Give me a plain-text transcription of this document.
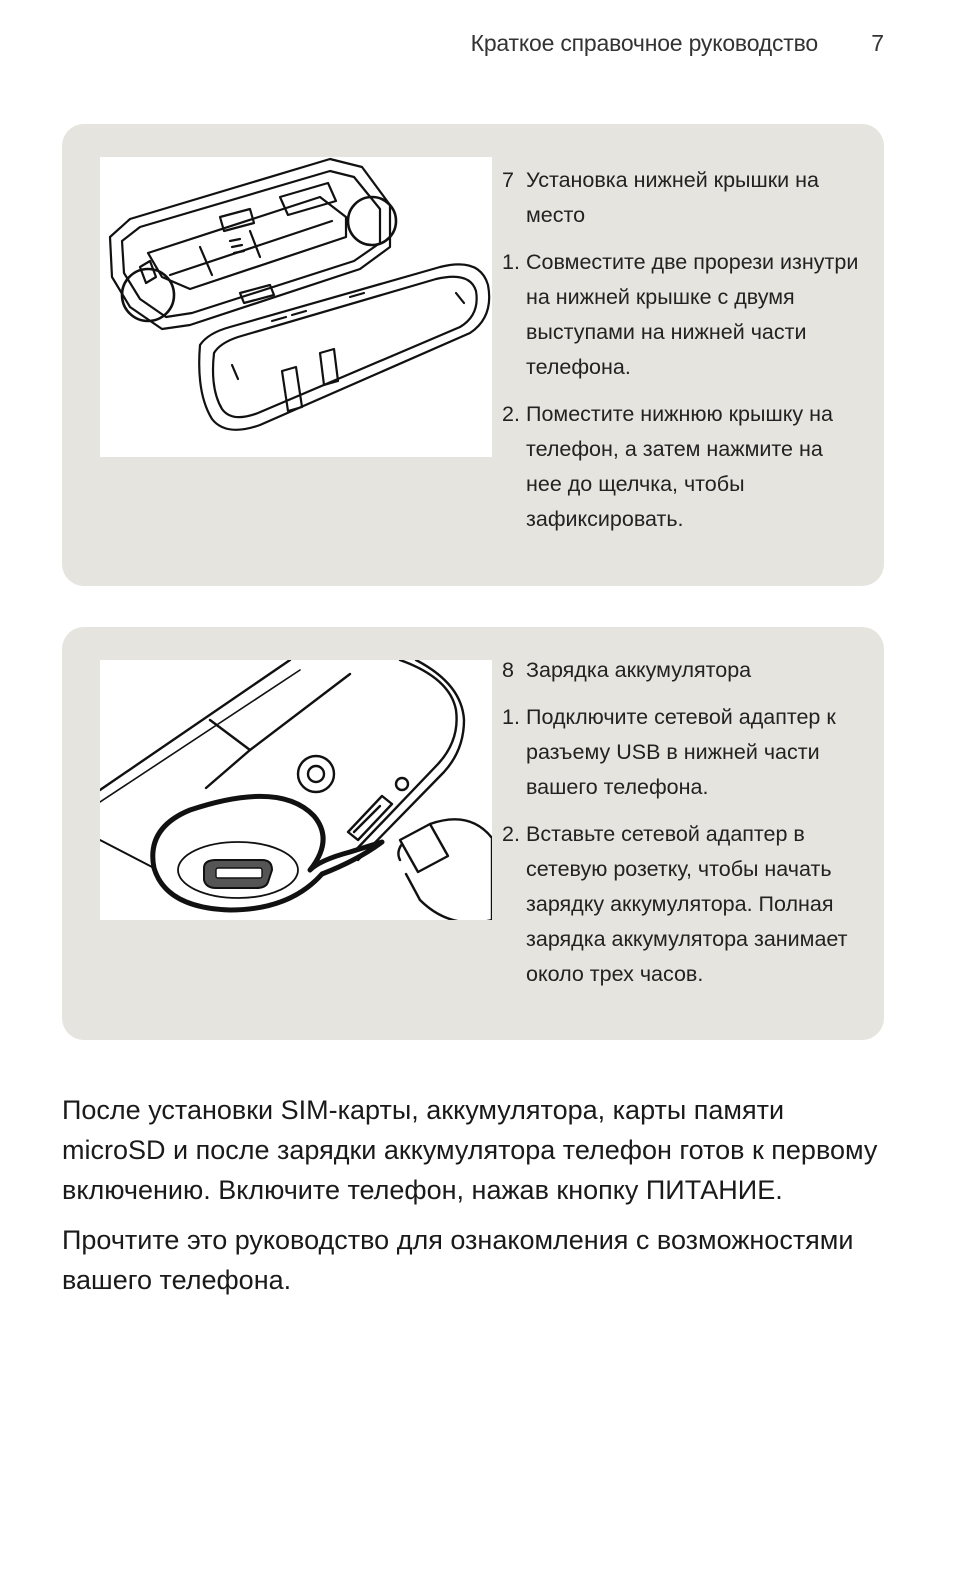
Краткое справочное руководство 7
7 Установка нижней крышки на место
1. Совместите две прорези изнутри на нижней крышке с двумя выступами на нижней части телефона.
2. Поместите нижнюю крышку на телефон, а затем нажмите на нее до щелчка, чтобы зафиксировать.
8 Зарядка аккумулятора
1. Подключите сетевой адаптер к разъему USB в нижней части вашего телефона.
2. Вставьте сетевой адаптер в сетевую розетку, чтобы начать зарядку аккумулятора. Полная зарядка аккумулятора занимает около трех часов.

После установки SIM-карты, аккумулятора, карты памяти microSD и после зарядки аккумулятора телефон готов к первому включению. Включите телефон, нажав кнопку ПИТАНИЕ.

Прочтите это руководство для ознакомления с возможностями вашего телефона.
